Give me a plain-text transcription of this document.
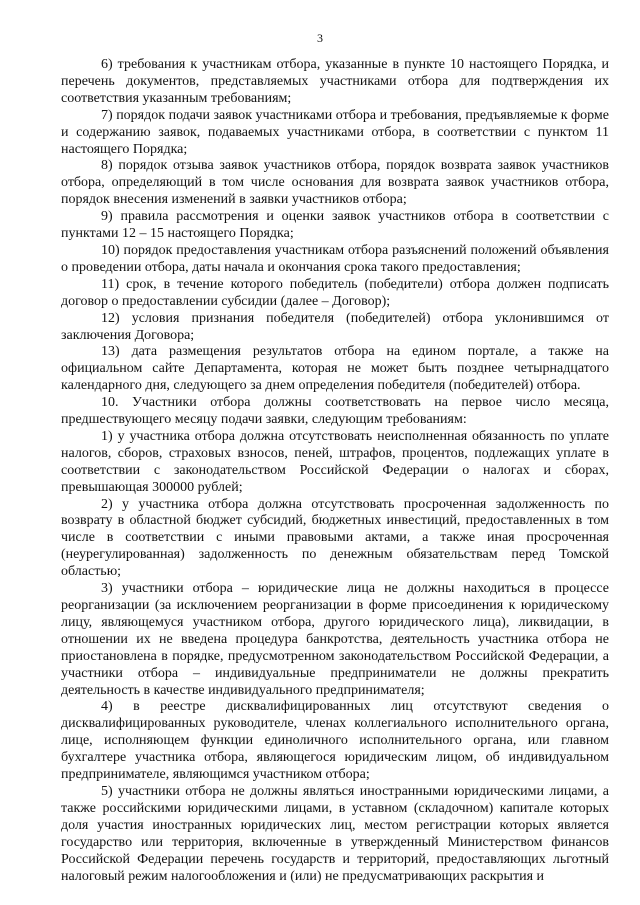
3

6) требования к участникам отбора, указанные в пункте 10 настоящего Порядка, и перечень документов, представляемых участниками отбора для подтверждения их соответствия указанным требованиям;

7) порядок подачи заявок участниками отбора и требования, предъявляемые к форме и содержанию заявок, подаваемых участниками отбора, в соответствии с пунктом 11 настоящего Порядка;

8) порядок отзыва заявок участников отбора, порядок возврата заявок участников отбора, определяющий в том числе основания для возврата заявок участников отбора, порядок внесения изменений в заявки участников отбора;

9) правила рассмотрения и оценки заявок участников отбора в соответствии с пунктами 12 – 15 настоящего Порядка;

10) порядок предоставления участникам отбора разъяснений положений объявления о проведении отбора, даты начала и окончания срока такого предоставления;

11) срок, в течение которого победитель (победители) отбора должен подписать договор о предоставлении субсидии (далее – Договор);

12) условия признания победителя (победителей) отбора уклонившимся от заключения Договора;

13) дата размещения результатов отбора на едином портале, а также на официальном сайте Департамента, которая не может быть позднее четырнадцатого календарного дня, следующего за днем определения победителя (победителей) отбора.

10. Участники отбора должны соответствовать на первое число месяца, предшествующего месяцу подачи заявки, следующим требованиям:

1) у участника отбора должна отсутствовать неисполненная обязанность по уплате налогов, сборов, страховых взносов, пеней, штрафов, процентов, подлежащих уплате в соответствии с законодательством Российской Федерации о налогах и сборах, превышающая 300000 рублей;

2) у участника отбора должна отсутствовать просроченная задолженность по возврату в областной бюджет субсидий, бюджетных инвестиций, предоставленных в том числе в соответствии с иными правовыми актами, а также иная просроченная (неурегулированная) задолженность по денежным обязательствам перед Томской областью;

3) участники отбора – юридические лица не должны находиться в процессе реорганизации (за исключением реорганизации в форме присоединения к юридическому лицу, являющемуся участником отбора, другого юридического лица), ликвидации, в отношении их не введена процедура банкротства, деятельность участника отбора не приостановлена в порядке, предусмотренном законодательством Российской Федерации, а участники отбора – индивидуальные предприниматели не должны прекратить деятельность в качестве индивидуального предпринимателя;

4) в реестре дисквалифицированных лиц отсутствуют сведения о дисквалифицированных руководителе, членах коллегиального исполнительного органа, лице, исполняющем функции единоличного исполнительного органа, или главном бухгалтере участника отбора, являющегося юридическим лицом, об индивидуальном предпринимателе, являющимся участником отбора;

5) участники отбора не должны являться иностранными юридическими лицами, а также российскими юридическими лицами, в уставном (складочном) капитале которых доля участия иностранных юридических лиц, местом регистрации которых является государство или территория, включенные в утвержденный Министерством финансов Российской Федерации перечень государств и территорий, предоставляющих льготный налоговый режим налогообложения и (или) не предусматривающих раскрытия и
